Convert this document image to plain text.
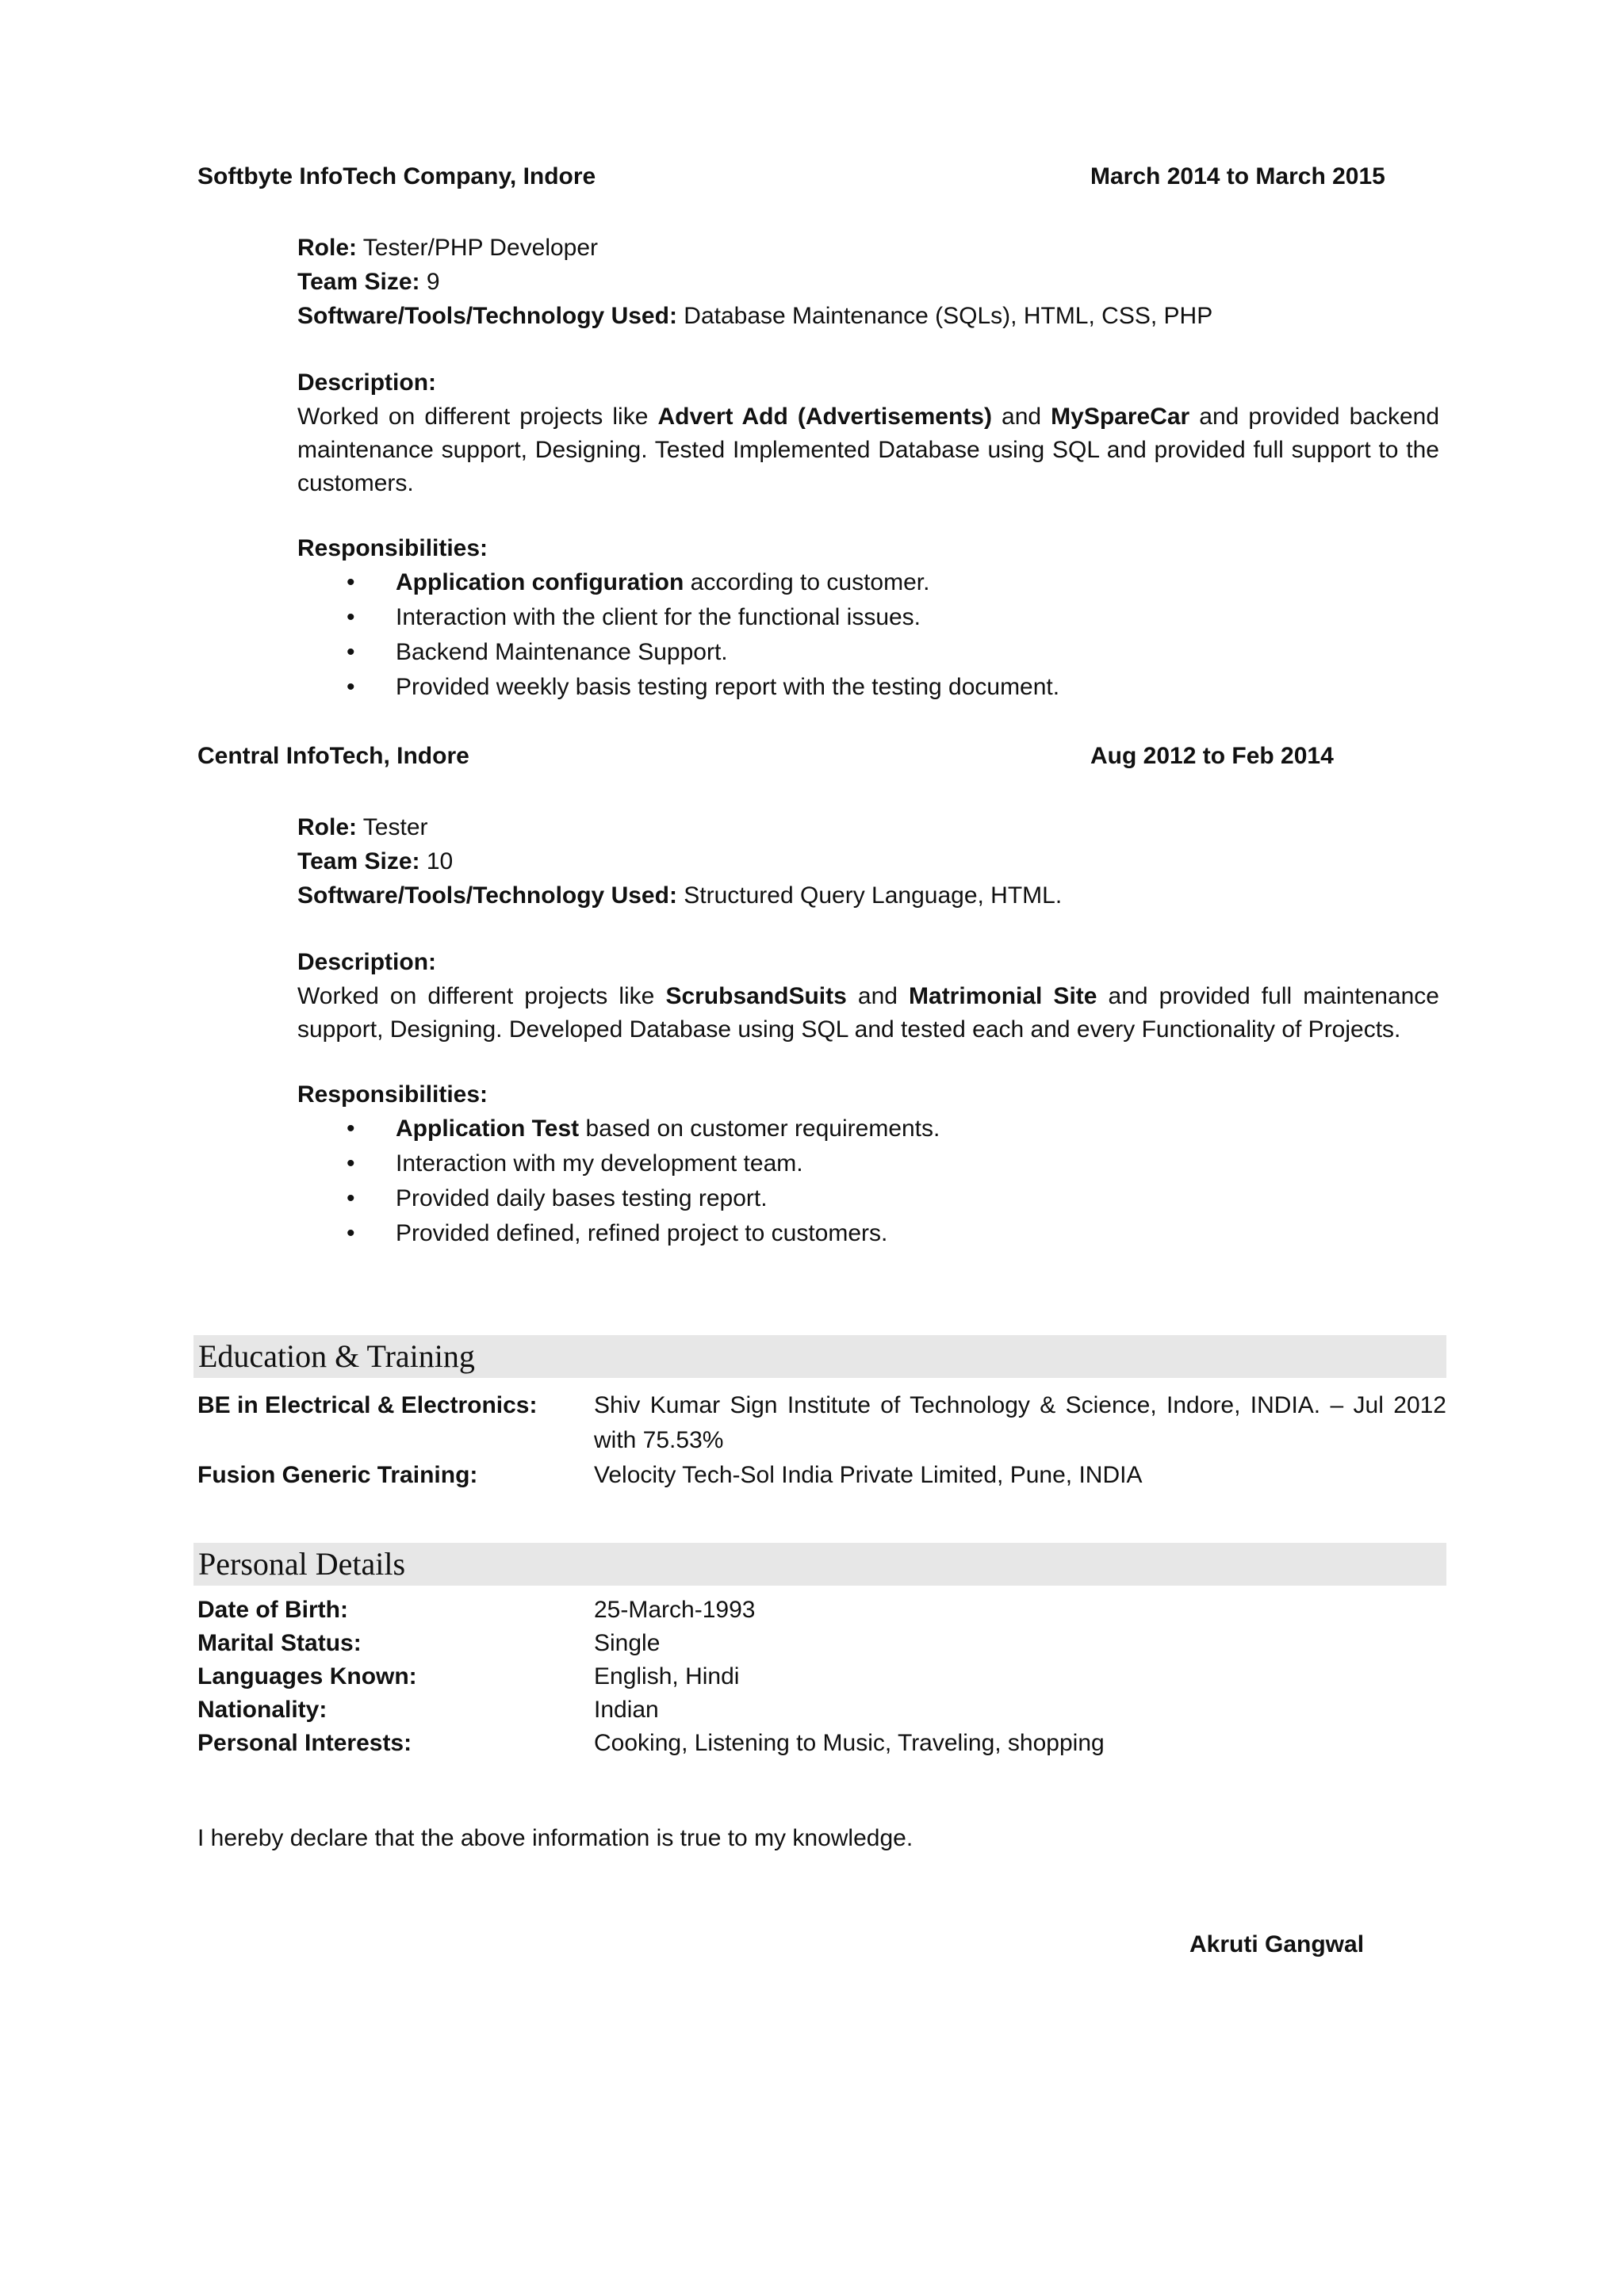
Softbyte InfoTech Company, Indore	March 2014 to March 2015
Role: Tester/PHP Developer
Team Size: 9
Software/Tools/Technology Used: Database Maintenance (SQLs), HTML, CSS, PHP
Description:
Worked on different projects like Advert Add (Advertisements) and MySpareCar and provided backend maintenance support, Designing. Tested Implemented Database using SQL and provided full support to the customers.
Responsibilities:
• Application configuration according to customer.
• Interaction with the client for the functional issues.
• Backend Maintenance Support.
• Provided weekly basis testing report with the testing document.
Central InfoTech, Indore	Aug 2012 to Feb 2014
Role: Tester
Team Size: 10
Software/Tools/Technology Used: Structured Query Language, HTML.
Description:
Worked on different projects like ScrubsandSuits and Matrimonial Site and provided full maintenance support, Designing. Developed Database using SQL and tested each and every Functionality of Projects.
Responsibilities:
• Application Test based on customer requirements.
• Interaction with my development team.
• Provided daily bases testing report.
• Provided defined, refined project to customers.
Education & Training
BE in Electrical & Electronics: Shiv Kumar Sign Institute of Technology & Science, Indore, INDIA. – Jul 2012 with 75.53%
Fusion Generic Training:	Velocity Tech-Sol India Private Limited, Pune, INDIA
Personal Details
Date of Birth:	25-March-1993
Marital Status:	Single
Languages Known:	English, Hindi
Nationality:	Indian
Personal Interests:	Cooking, Listening to Music, Traveling, shopping
I hereby declare that the above information is true to my knowledge.
Akruti Gangwal
